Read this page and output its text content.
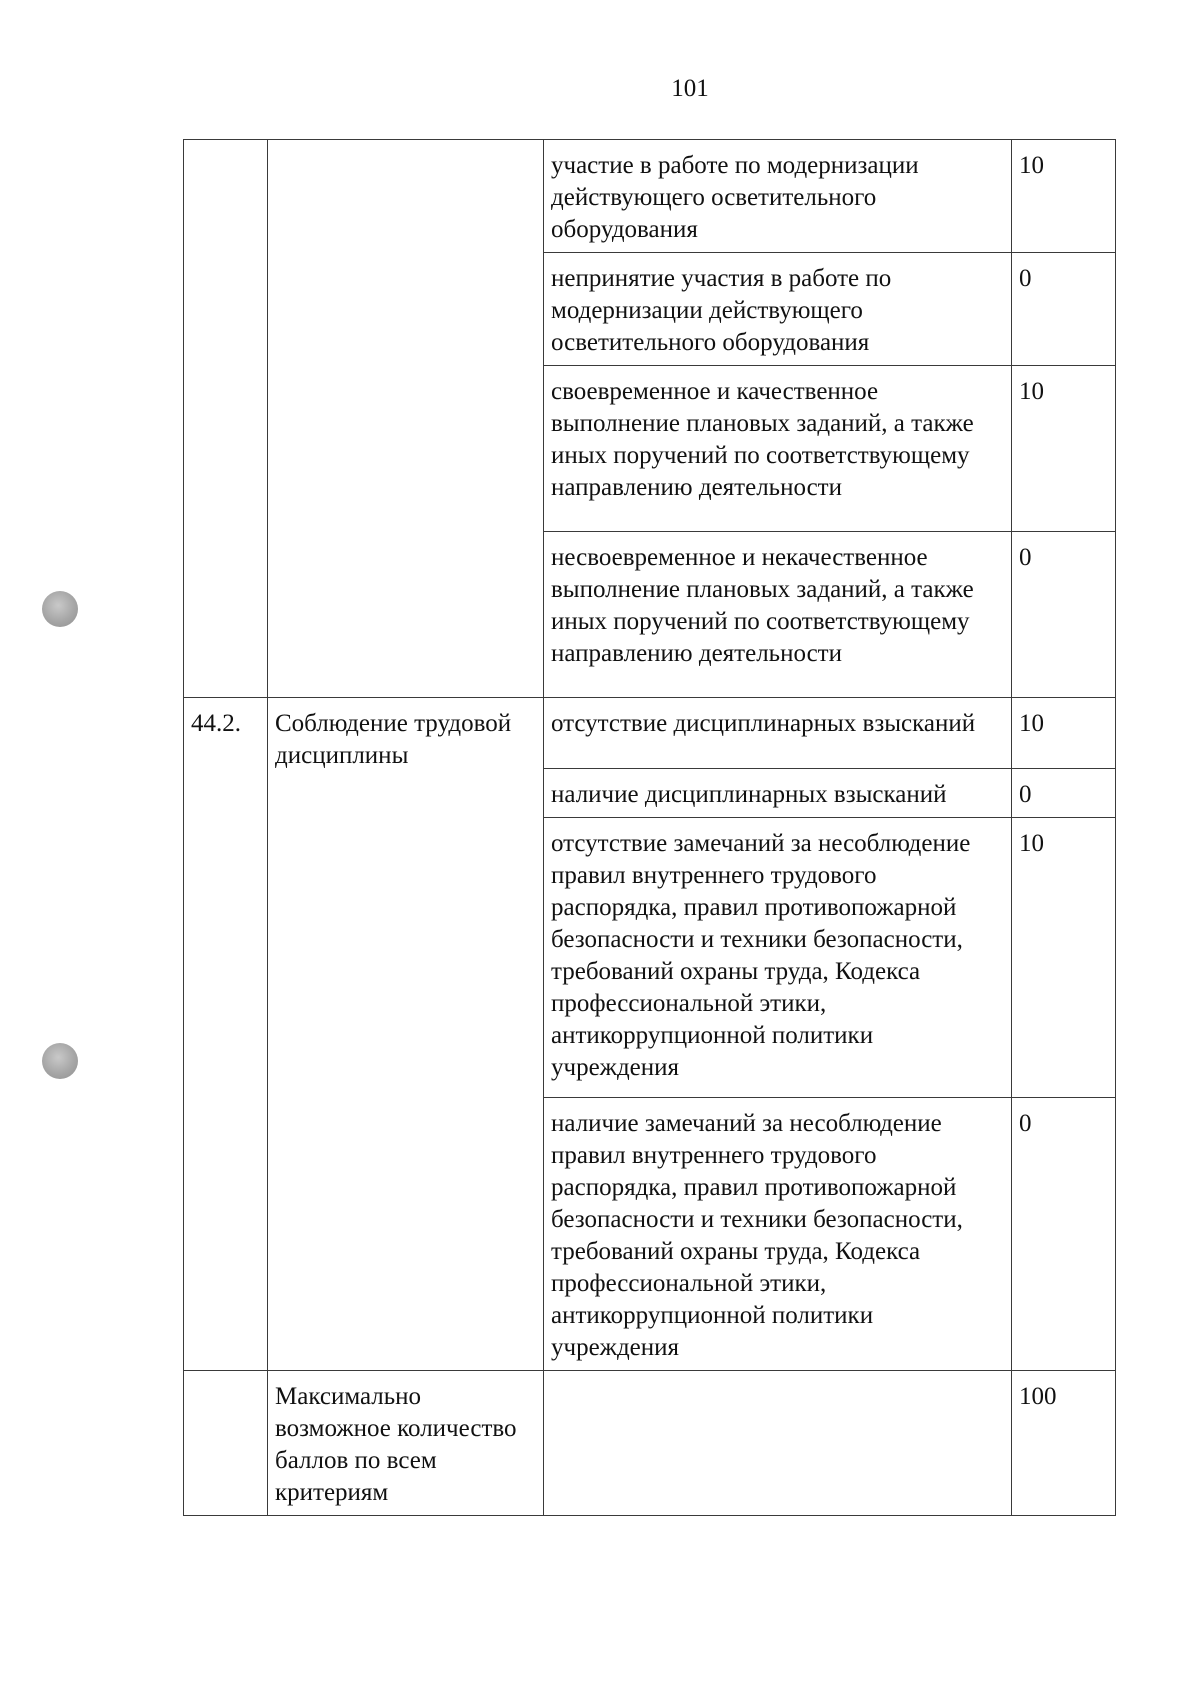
101
		участие в работе по модернизации действующего осветительного оборудования	10
		непринятие участия в работе по модернизации действующего осветительного оборудования	0
		своевременное и качественное выполнение плановых заданий, а также иных поручений по соответствующему направлению деятельности	10
		несвоевременное и некачественное выполнение плановых заданий, а также иных поручений по соответствующему направлению деятельности	0
44.2.	Соблюдение трудовой дисциплины	отсутствие дисциплинарных взысканий	10
		наличие дисциплинарных взысканий	0
		отсутствие замечаний за несоблюдение правил внутреннего трудового распорядка, правил противопожарной безопасности и техники безопасности, требований охраны труда, Кодекса профессиональной этики, антикоррупционной политики учреждения	10
		наличие замечаний за несоблюдение правил внутреннего трудового распорядка, правил противопожарной безопасности и техники безопасности, требований охраны труда, Кодекса профессиональной этики, антикоррупционной политики учреждения	0
	Максимально возможное количество баллов по всем критериям		100
